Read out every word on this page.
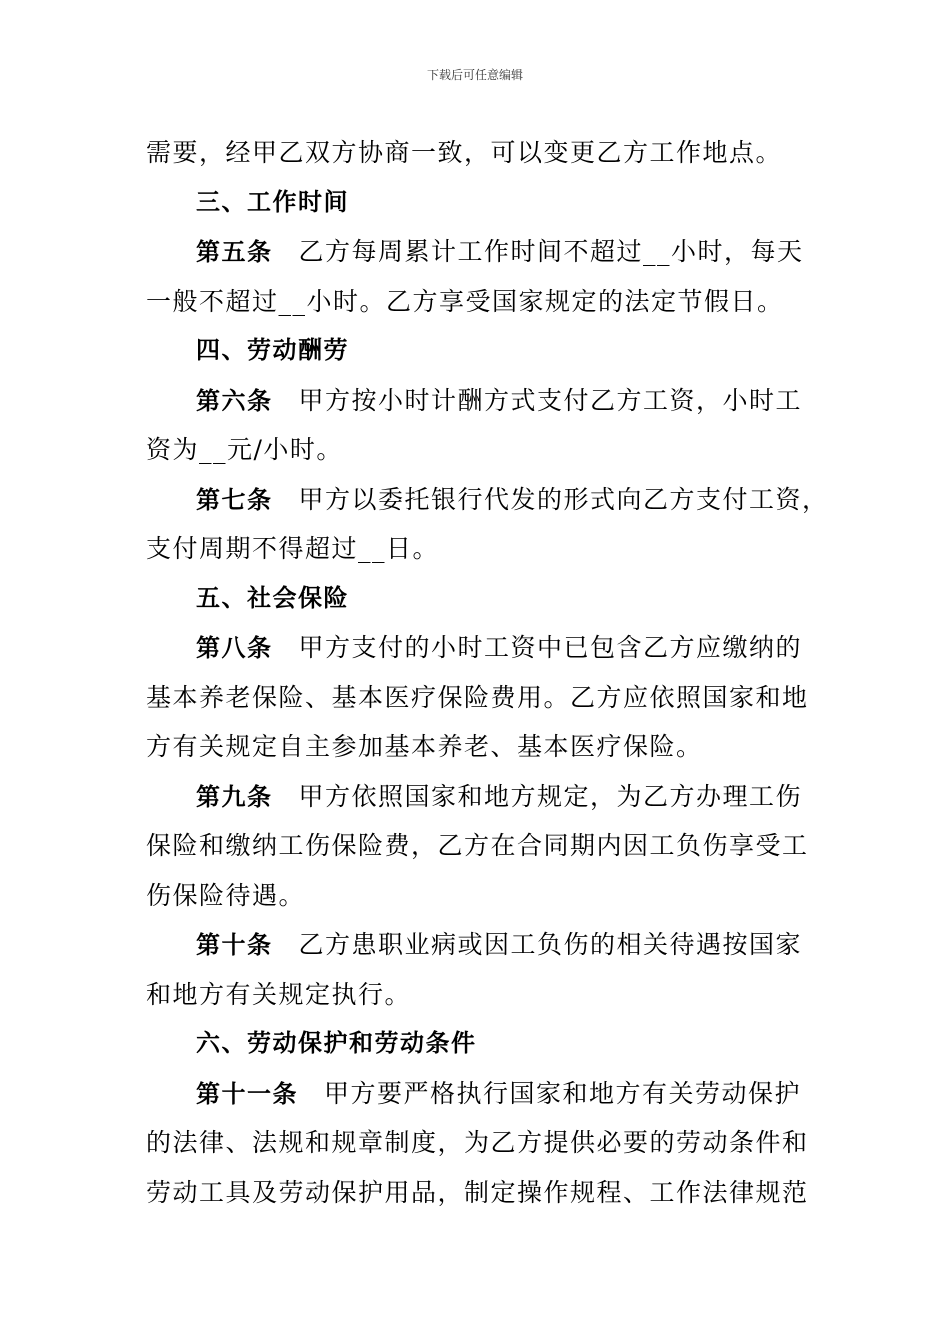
下载后可任意编辑
需要，经甲乙双方协商一致，可以变更乙方工作地点。
三、工作时间
第五条 乙方每周累计工作时间不超过__小时，每天
一般不超过__小时。乙方享受国家规定的法定节假日。
四、劳动酬劳
第六条 甲方按小时计酬方式支付乙方工资，小时工
资为__元/小时。
第七条 甲方以委托银行代发的形式向乙方支付工资，
支付周期不得超过__日。
五、社会保险
第八条 甲方支付的小时工资中已包含乙方应缴纳的
基本养老保险、基本医疗保险费用。乙方应依照国家和地
方有关规定自主参加基本养老、基本医疗保险。
第九条 甲方依照国家和地方规定，为乙方办理工伤
保险和缴纳工伤保险费，乙方在合同期内因工负伤享受工
伤保险待遇。
第十条 乙方患职业病或因工负伤的相关待遇按国家
和地方有关规定执行。
六、劳动保护和劳动条件
第十一条 甲方要严格执行国家和地方有关劳动保护
的法律、法规和规章制度，为乙方提供必要的劳动条件和
劳动工具及劳动保护用品，制定操作规程、工作法律规范
